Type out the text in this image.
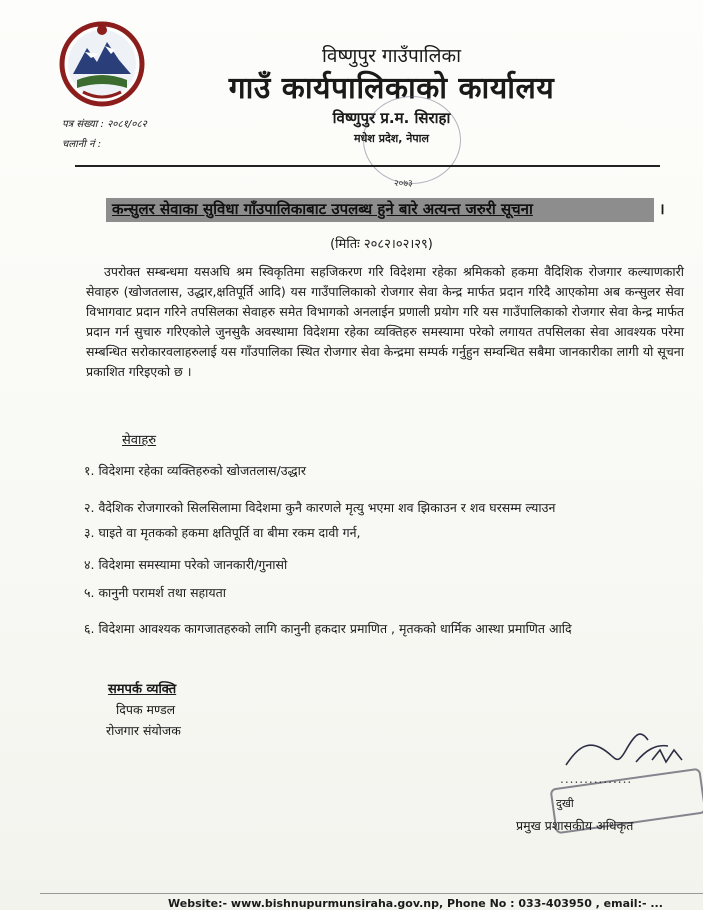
विष्णुपुर गाउँपालिका
गाउँ कार्यपालिकाको कार्यालय
विष्णुपुर प्र.म. सिराहा
मधेश प्रदेश, नेपाल
पत्र संख्या : २०८१/०८२
चलानी नं :
२०७३
कन्सुलर सेवाका सुविधा गाँउपालिकाबाट उपलब्ध हुने बारे अत्यन्त जरुरी सूचना	।
(मितिः २०८२।०२।२९)
उपरोक्त सम्बन्धमा यसअघि श्रम स्विकृतिमा सहजिकरण गरि विदेशमा रहेका श्रमिकको हकमा वैदिशिक रोजगार कल्याणकारी सेवाहरु (खोजतलास, उद्धार,क्षतिपूर्ति आदि) यस गाउँपालिकाको रोजगार सेवा केन्द्र मार्फत प्रदान गरिदै आएकोमा अब कन्सुलर सेवा विभागवाट प्रदान गरिने तपसिलका सेवाहरु समेत विभागको अनलाईन प्रणाली प्रयोग गरि यस गाउँपालिकाको रोजगार सेवा केन्द्र मार्फत प्रदान गर्न सुचारु गरिएकोले जुनसुकै अवस्थामा विदेशमा रहेका व्यक्तिहरु समस्यामा परेको लगायत तपसिलका सेवा आवश्यक परेमा सम्बन्धित सरोकारवलाहरुलाई यस गाँउपालिका स्थित रोजगार सेवा केन्द्रमा सम्पर्क गर्नुहुन सम्वन्धित सबैमा जानकारीका लागी यो सूचना प्रकाशित गरिइएको छ ।
सेवाहरु
१. विदेशमा रहेका व्यक्तिहरुको खोजतलास/उद्धार
२. वैदेशिक रोजगारको सिलसिलामा विदेशमा कुनै कारणले मृत्यु भएमा शव झिकाउन र शव घरसम्म ल्याउन
३. घाइते वा मृतकको हकमा क्षतिपूर्ति वा बीमा रकम दावी गर्न,
४. विदेशमा समस्यामा परेको जानकारी/गुनासो
५. कानुनी परामर्श तथा सहायता
६. विदेशमा आवश्यक कागजातहरुको लागि कानुनी हकदार प्रमाणित , मृतकको धार्मिक आस्था प्रमाणित आदि
समपर्क व्यक्ति
दिपक मण्डल
रोजगार संयोजक
...............
दुखी
प्रमुख प्रशासकीय अधिकृत
Website:- www.bishnupurmunsiraha.gov.np, Phone No : 033-403950 , email:- ...
